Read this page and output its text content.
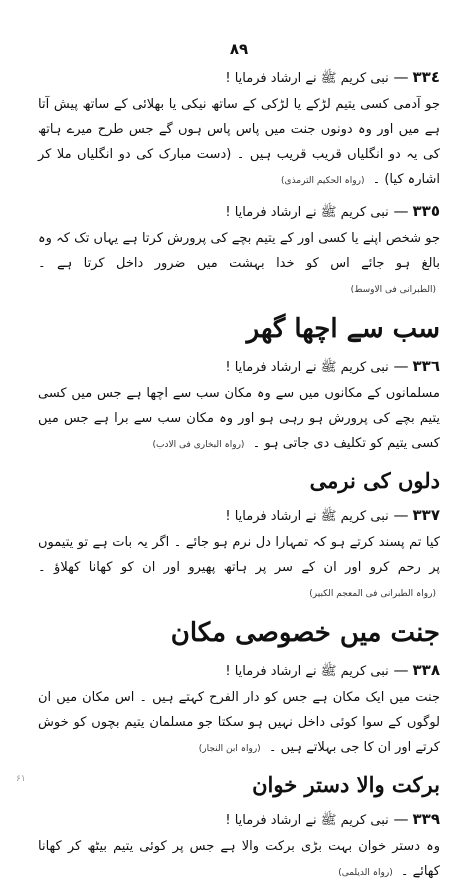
٨٩
٣٣٤— نبی کریم ﷺ نے ارشاد فرمایا !

جو آدمی کسی یتیم لڑکے یا لڑکی کے ساتھ نیکی یا بھلائی کے ساتھ پیش آتا ہے میں اور وہ دونوں جنت میں پاس پاس ہوں گے جس طرح میرے ہاتھ کی یہ دو انگلیاں قریب قریب ہیں ۔ (دست مبارک کی دو انگلیاں ملا کر اشارہ کیا) ۔ (رواہ الحکیم الترمذی)

٣٣٥— نبی کریم ﷺ نے ارشاد فرمایا !

جو شخص اپنے یا کسی اور کے یتیم بچے کی پرورش کرتا ہے یہاں تک کہ وہ بالغ ہو جائے اس کو خدا بہشت میں ضرور داخل کرتا ہے ۔ (الطبرانی فی الاوسط)

سب سے اچھا گھر
٣٣٦— نبی کریم ﷺ نے ارشاد فرمایا !

مسلمانوں کے مکانوں میں سے وہ مکان سب سے اچھا ہے جس میں کسی یتیم بچے کی پرورش ہو رہی ہو اور وہ مکان سب سے برا ہے جس میں کسی یتیم کو تکلیف دی جاتی ہو ۔ (رواہ البخاری فی الادب)

دلوں کی نرمی
٣٣٧— نبی کریم ﷺ نے ارشاد فرمایا !

کیا تم پسند کرتے ہو کہ تمہارا دل نرم ہو جائے ۔ اگر یہ بات ہے تو یتیموں پر رحم کرو اور ان کے سر پر ہاتھ پھیرو اور ان کو کھانا کھلاؤ ۔ (رواہ الطبرانی فی المعجم الکبیر)

جنت میں خصوصی مکان
٣٣٨— نبی کریم ﷺ نے ارشاد فرمایا !

جنت میں ایک مکان ہے جس کو دار الفرح کہتے ہیں ۔ اس مکان میں ان لوگوں کے سوا کوئی داخل نہیں ہو سکتا جو مسلمان یتیم بچوں کو خوش کرتے اور ان کا جی بہلاتے ہیں ۔ (رواہ ابن النجار)

برکت والا دستر خوان
٣٣٩— نبی کریم ﷺ نے ارشاد فرمایا !

وہ دستر خوان بہت بڑی برکت والا ہے جس پر کوئی یتیم بیٹھ کر کھانا کھائے ۔ (رواہ الدیلمی)

۶۱
